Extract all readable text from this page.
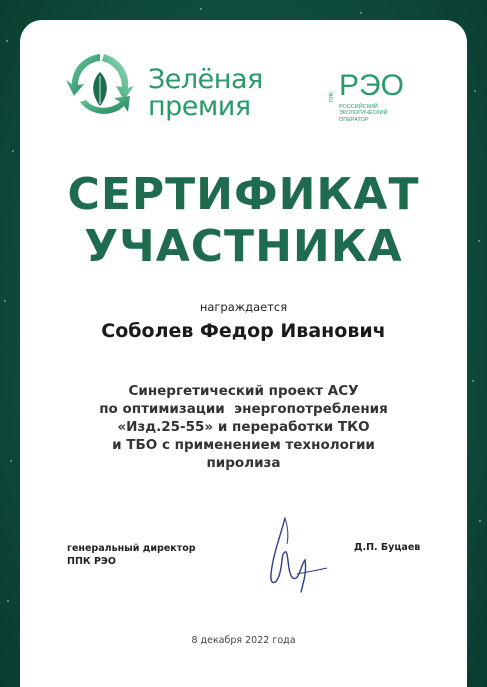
Зелёная
премия	ППК РЭО
РОССИЙСКИЙ
ЭКОЛОГИЧЕСКИЙ
ОПЕРАТОР
СЕРТИФИКАТ
УЧАСТНИКА
награждается
Соболев Федор Иванович
Синергетический проект АСУ
по оптимизации  энергопотребления
«Изд.25-55» и переработки ТКО
и ТБО с применением технологии
пиролиза
генеральный директор
ППК РЭО
Д.П. Буцаев
8 декабря 2022 года
